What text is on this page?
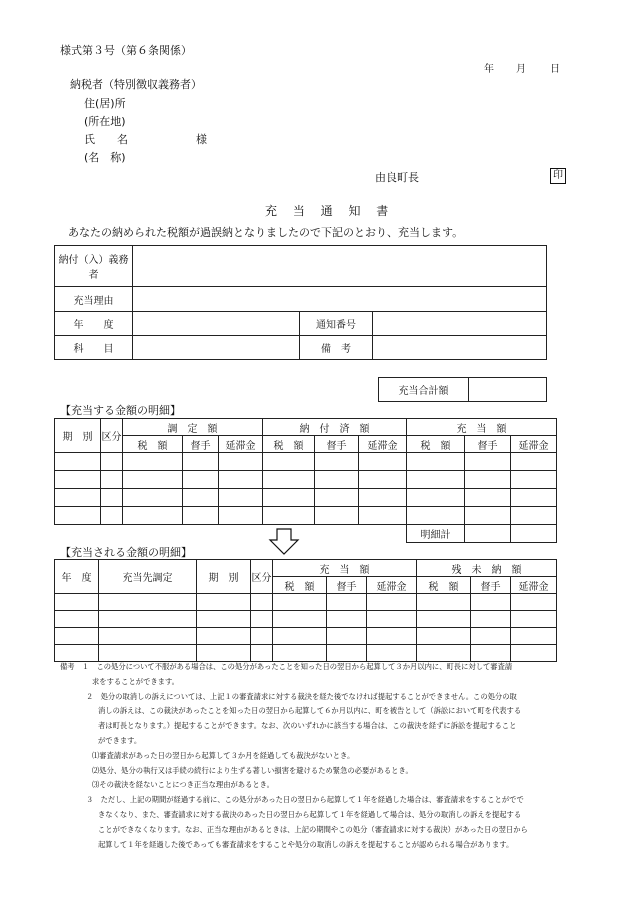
様式第３号（第６条関係）
年 月 日
納税者（特別徴収義務者）
住(居)所
(所在地)
氏　　名	様
(名　称)
由良町長	印
充 当 通 知 書
あなたの納められた税額が過誤納となりましたので下記のとおり、充当します。
納付（入）義務者			
充当理由			
年　　度		通知番号	
科　　目		備　考	
充当合計額	
【充当する金額の明細】
期　別	区分	調　定　額			納　付　済　額			充　当　額		
		税　額	督手	延滞金	税　額	督手	延滞金	税　額	督手	延滞金

								明細計		
【充当される金額の明細】
年　度	充当先調定	期　別	区分	充　当　額			残　未　納　額		
				税　額	督手	延滞金	税　額	督手	延滞金

備考　 １　 この処分について不服がある場合は、この処分があったことを知った日の翌日から起算して３か月以内に、町長に対して審査請
求をすることができます。
２　 処分の取消しの訴えについては、上記１の審査請求に対する裁決を経た後でなければ提起することができません。この処分の取
消しの訴えは、この裁決があったことを知った日の翌日から起算して６か月以内に、町を被告として（訴訟において町を代表する
者は町長となります。）提起することができます。なお、次のいずれかに該当する場合は、この裁決を経ずに訴訟を提起すること
ができます。
⑴審査請求があった日の翌日から起算して３か月を経過しても裁決がないとき。
⑵処分、処分の執行又は手続の続行により生ずる著しい損害を避けるため緊急の必要があるとき。
⑶その裁決を経ないことにつき正当な理由があるとき。
３　 ただし、上記の期間が経過する前に、この処分があった日の翌日から起算して１年を経過した場合は、審査請求をすることがでで
きなくなり、また、審査請求に対する裁決のあった日の翌日から起算して１年を経過して場合は、処分の取消しの訴えを提起する
ことができなくなります。なお、正当な理由があるときは、上記の期間やこの処分（審査請求に対する裁決）があった日の翌日から
起算して１年を経過した後であっても審査請求をすることや処分の取消しの訴えを提起することが認められる場合があります。
